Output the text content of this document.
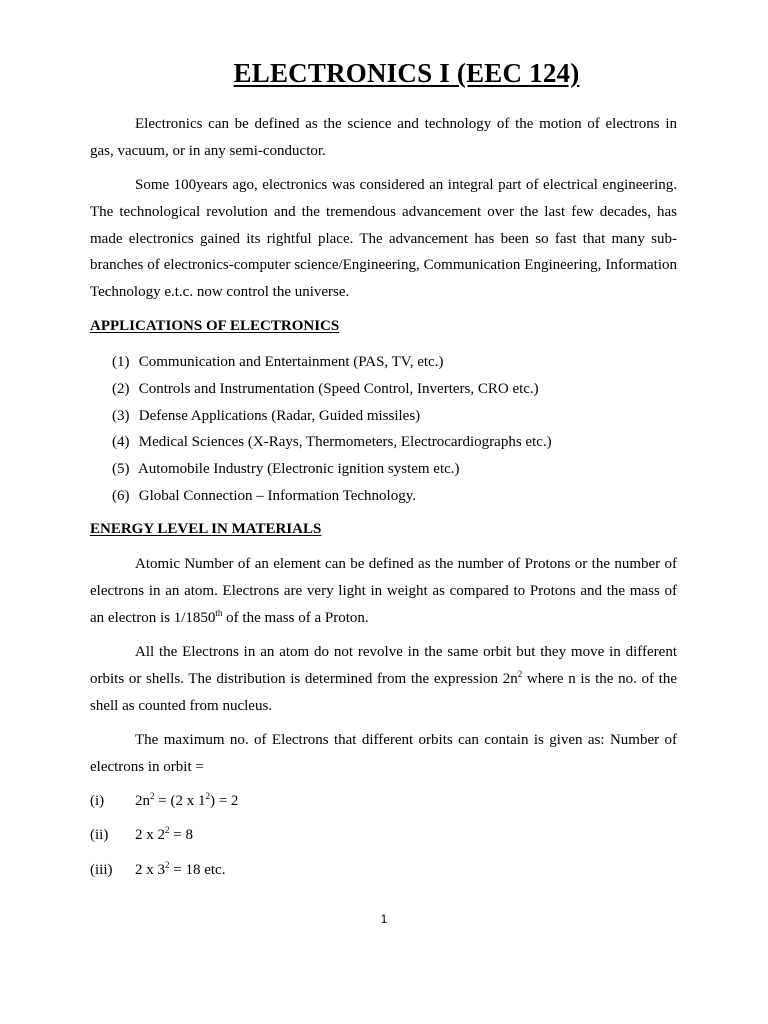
ELECTRONICS I (EEC 124)

Electronics can be defined as the science and technology of the motion of electrons in gas, vacuum, or in any semi-conductor.

Some 100years ago, electronics was considered an integral part of electrical engineering. The technological revolution and the tremendous advancement over the last few decades, has made electronics gained its rightful place. The advancement has been so fast that many sub-branches of electronics-computer science/Engineering, Communication Engineering, Information Technology e.t.c. now control the universe.

APPLICATIONS OF ELECTRONICS

(1) Communication and Entertainment (PAS, TV, etc.)
(2) Controls and Instrumentation (Speed Control, Inverters, CRO etc.)
(3) Defense Applications (Radar, Guided missiles)
(4) Medical Sciences (X-Rays, Thermometers, Electrocardiographs etc.)
(5) Automobile Industry (Electronic ignition system etc.)
(6) Global Connection – Information Technology.

ENERGY LEVEL IN MATERIALS

Atomic Number of an element can be defined as the number of Protons or the number of electrons in an atom. Electrons are very light in weight as compared to Protons and the mass of an electron is 1/1850th of the mass of a Proton.

All the Electrons in an atom do not revolve in the same orbit but they move in different orbits or shells. The distribution is determined from the expression $2n^2$ where n is the no. of the shell as counted from nucleus.

The maximum no. of Electrons that different orbits can contain is given as: Number of electrons in orbit =

(i) $2n^2 = (2$ x $1^2) = 2$
(ii) 2 x $2^2 = 8$
(iii) 2 x $3^2 = 18$ etc.
1
